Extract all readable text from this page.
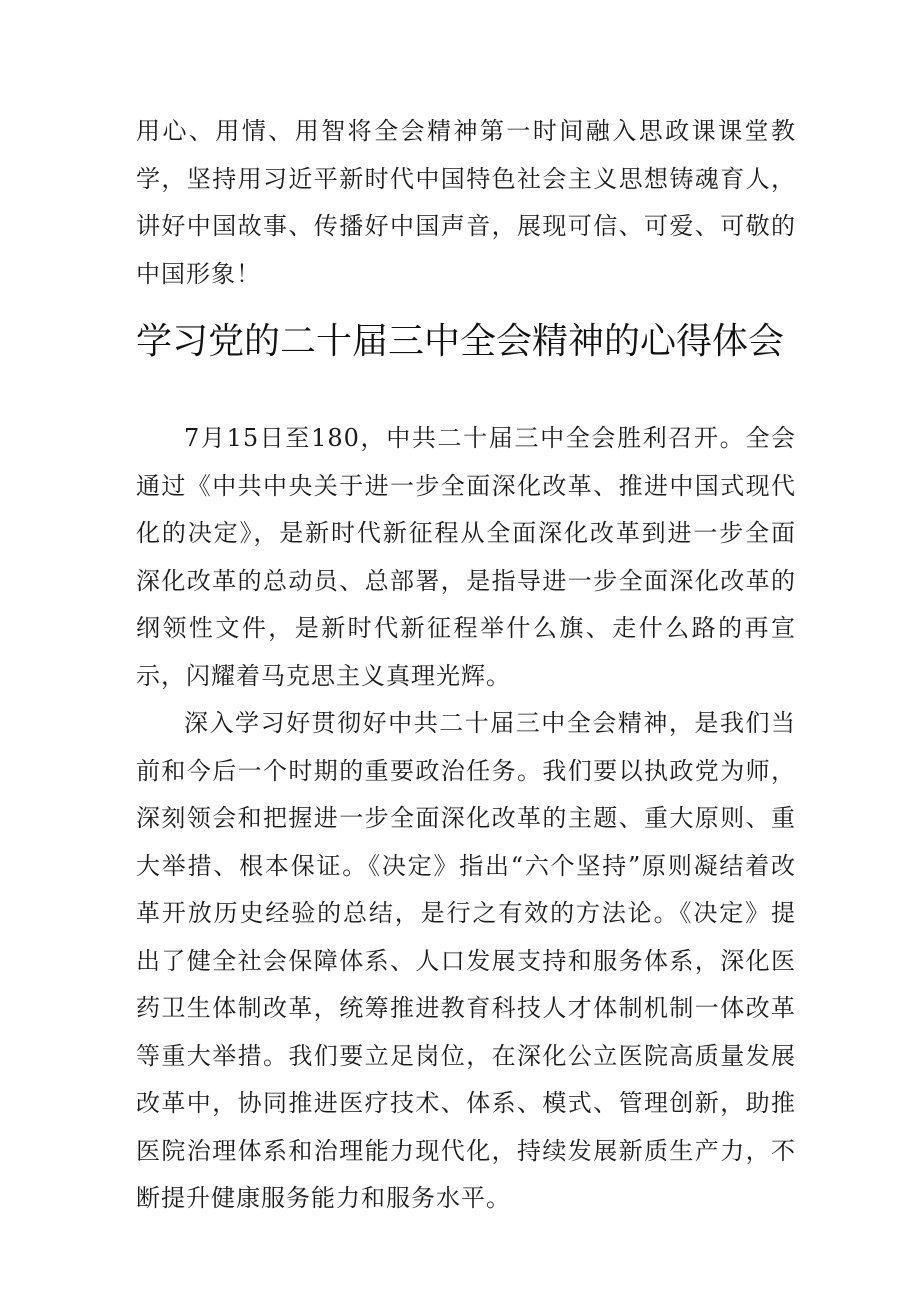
用心、用情、用智将全会精神第一时间融入思政课课堂教学，坚持用习近平新时代中国特色社会主义思想铸魂育人，讲好中国故事、传播好中国声音，展现可信、可爱、可敬的中国形象！
学习党的二十届三中全会精神的心得体会

7月15日至180，中共二十届三中全会胜利召开。全会通过《中共中央关于进一步全面深化改革、推进中国式现代化的决定》，是新时代新征程从全面深化改革到进一步全面深化改革的总动员、总部署，是指导进一步全面深化改革的纲领性文件，是新时代新征程举什么旗、走什么路的再宣示，闪耀着马克思主义真理光辉。

深入学习好贯彻好中共二十届三中全会精神，是我们当前和今后一个时期的重要政治任务。我们要以执政党为师，深刻领会和把握进一步全面深化改革的主题、重大原则、重大举措、根本保证。《决定》指出“六个坚持”原则凝结着改革开放历史经验的总结，是行之有效的方法论。《决定》提出了健全社会保障体系、人口发展支持和服务体系，深化医药卫生体制改革，统筹推进教育科技人才体制机制一体改革等重大举措。我们要立足岗位，在深化公立医院高质量发展改革中，协同推进医疗技术、体系、模式、管理创新，助推医院治理体系和治理能力现代化，持续发展新质生产力，不断提升健康服务能力和服务水平。
